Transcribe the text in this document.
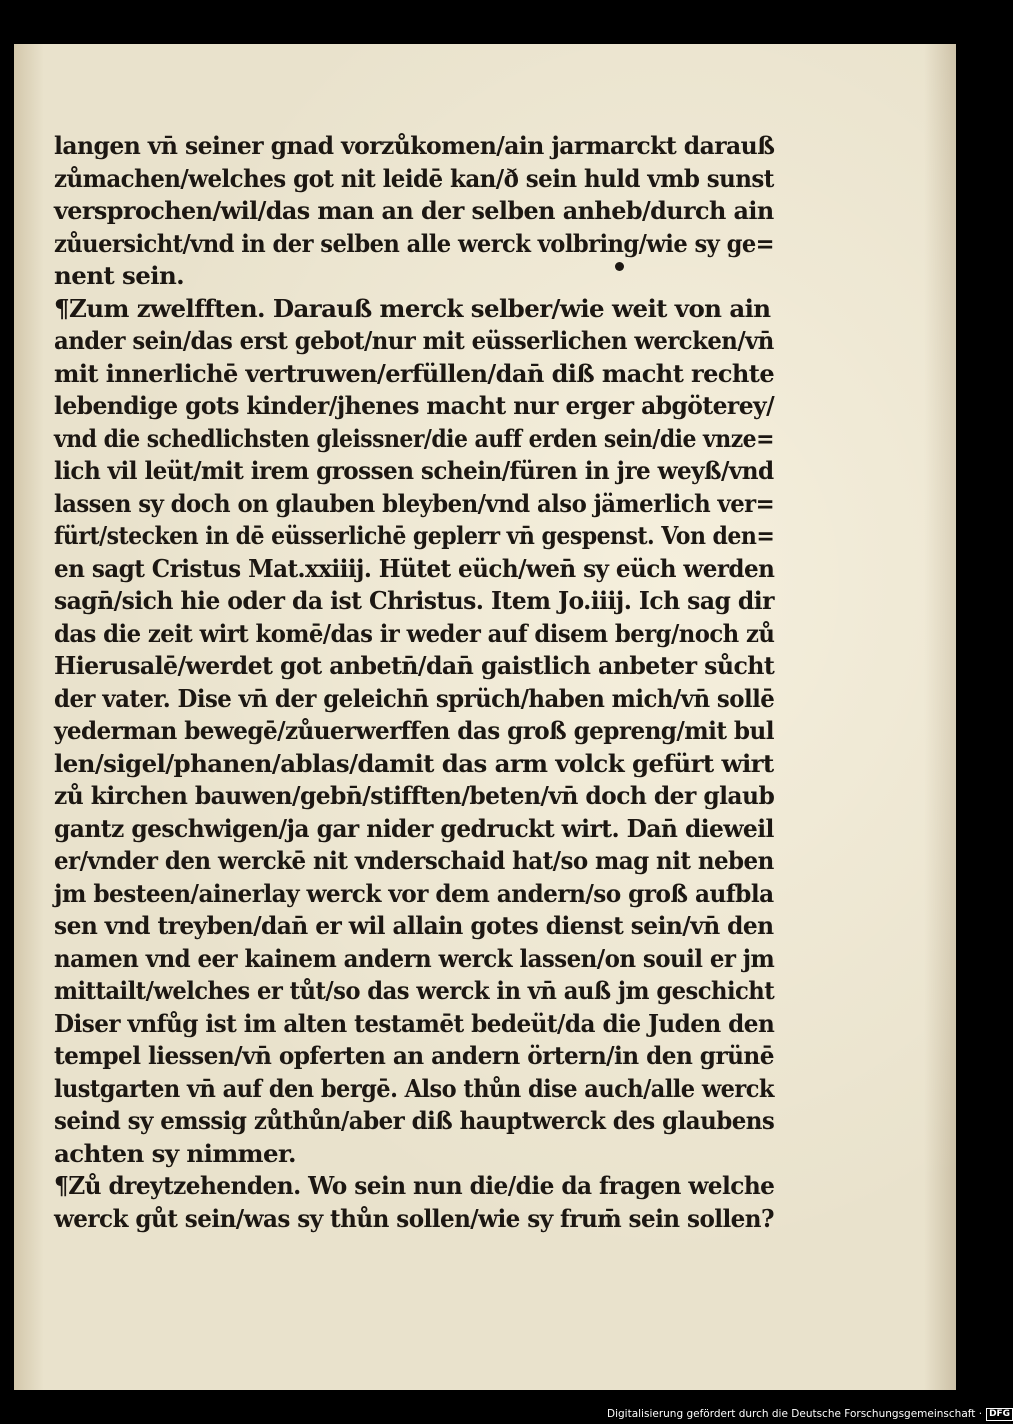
langen vn̄ seiner gnad vorzůkomen/ain jarmarckt darauß
zůmachen/welches got nit leidē kan/ð sein huld vmb sunst
versprochen/wil/das man an der selben anheb/durch ain
zůuersicht/vnd in der selben alle werck volbring/wie sy ge=
nent sein.
¶Zum zwelfften. Darauß merck selber/wie weit von ain
ander sein/das erst gebot/nur mit eüsserlichen wercken/vn̄
mit innerlichē vertruwen/erfüllen/dan̄ diß macht rechte
lebendige gots kinder/jhenes macht nur erger abgöterey/
vnd die schedlichsten gleissner/die auff erden sein/die vnze=
lich vil leüt/mit irem grossen schein/füren in jre weyß/vnd
lassen sy doch on glauben bleyben/vnd also jämerlich ver=
fürt/stecken in dē eüsserlichē geplerr vn̄ gespenst. Von den=
en sagt Cristus Mat.xxiiij. Hütet eüch/wen̄ sy eüch werden
sagn̄/sich hie oder da ist Christus. Item Jo.iiij. Ich sag dir
das die zeit wirt komē/das ir weder auf disem berg/noch zů
Hierusalē/werdet got anbetn̄/dan̄ gaistlich anbeter sůcht
der vater. Dise vn̄ der geleichn̄ sprüch/haben mich/vn̄ sollē
yederman bewegē/zůuerwerffen das groß gepreng/mit bul
len/sigel/phanen/ablas/damit das arm volck gefürt wirt
zů kirchen bauwen/gebn̄/stifften/beten/vn̄ doch der glaub
gantz geschwigen/ja gar nider gedruckt wirt. Dan̄ dieweil
er/vnder den werckē nit vnderschaid hat/so mag nit neben
jm besteen/ainerlay werck vor dem andern/so groß aufbla
sen vnd treyben/dan̄ er wil allain gotes dienst sein/vn̄ den
namen vnd eer kainem andern werck lassen/on souil er jm
mittailt/welches er tůt/so das werck in vn̄ auß jm geschicht
Diser vnfůg ist im alten testamēt bedeüt/da die Juden den
tempel liessen/vn̄ opferten an andern örtern/in den grünē
lustgarten vn̄ auf den bergē. Also thůn dise auch/alle werck
seind sy emssig zůthůn/aber diß hauptwerck des glaubens
achten sy nimmer.
¶Zů dreytzehenden. Wo sein nun die/die da fragen welche
werck gůt sein/was sy thůn sollen/wie sy frum̄ sein sollen?
Digitalisierung gefördert durch die Deutsche Forschungsgemeinschaft · DFG
